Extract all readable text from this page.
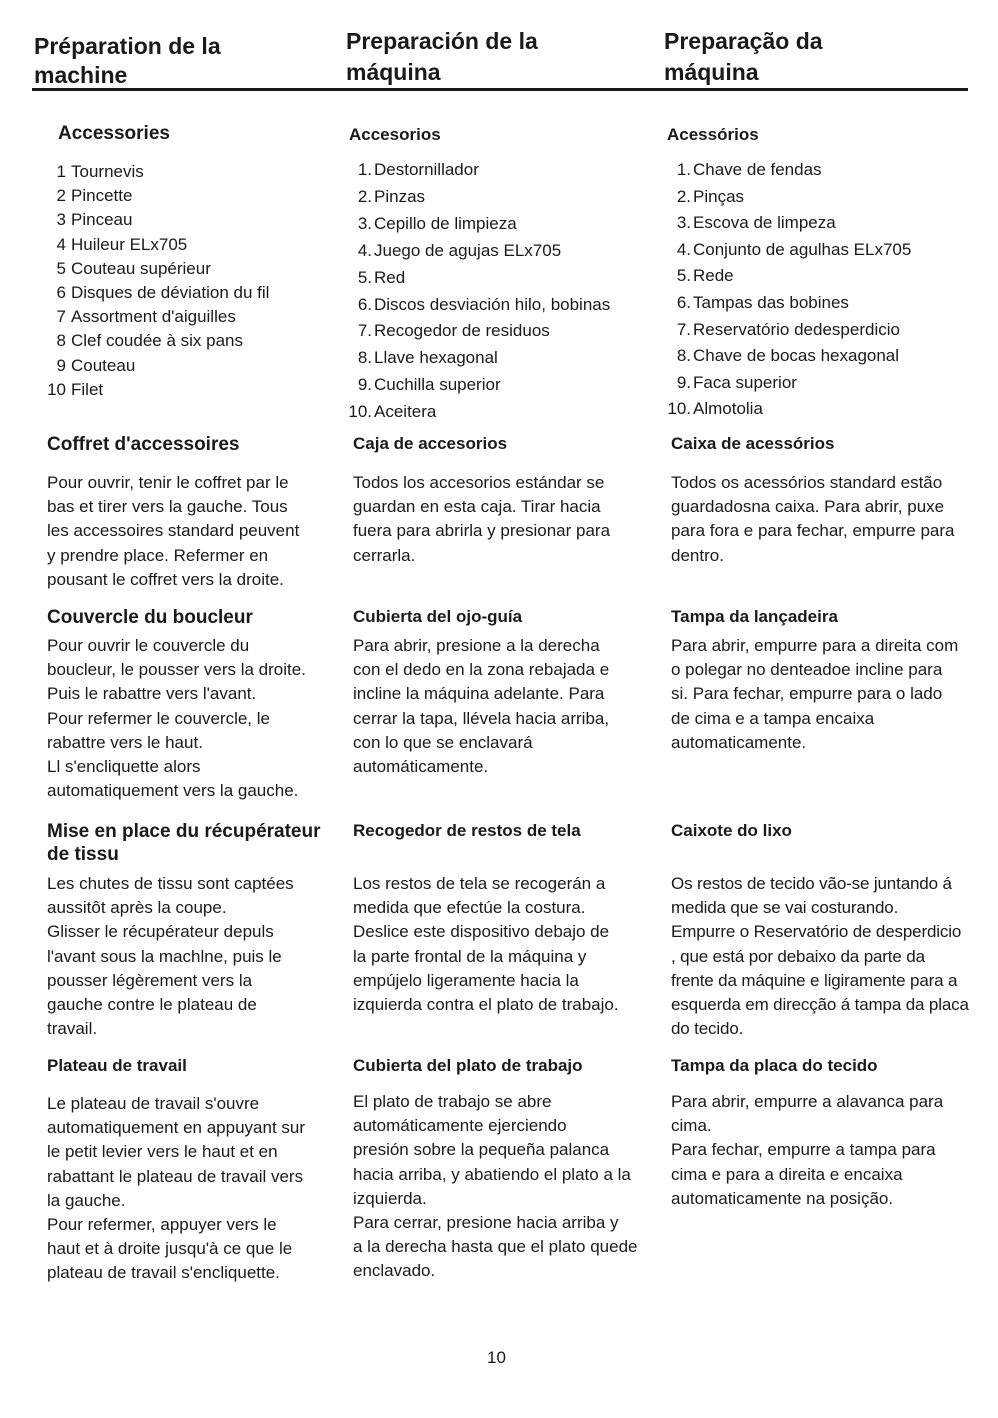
Préparation de la
machine
Preparación de la
máquina
Preparação da
máquina
Accessories
1 Tournevis
2 Pincette
3 Pinceau
4 Huileur ELx705
5 Couteau supérieur
6 Disques de déviation du fil
7 Assortment d'aiguilles
8 Clef coudée à six pans
9 Couteau
10 Filet
Coffret d'accessoires
Pour ouvrir, tenir le coffret par le
bas et tirer vers la gauche. Tous
les accessoires standard peuvent
y prendre place. Refermer en
pousant le coffret vers la droite.
Couvercle du boucleur
Pour ouvrir le couvercle du
boucleur, le pousser vers la droite.
Puis le rabattre vers l'avant.
Pour refermer le couvercle, le
rabattre vers le haut.
Ll s'encliquette alors
automatiquement vers la gauche.
Mise en place du récupérateur
de tissu
Les chutes de tissu sont captées
aussitôt après la coupe.
Glisser le récupérateur depuls
l'avant sous la machlne, puis le
pousser légèrement vers la
gauche contre le plateau de
travail.
Plateau de travail
Le plateau de travail s'ouvre
automatiquement en appuyant sur
le petit levier vers le haut et en
rabattant le plateau de travail vers
la gauche.
Pour refermer, appuyer vers le
haut et à droite jusqu'à ce que le
plateau de travail s'encliquette.
Accesorios
1. Destornillador
2. Pinzas
3. Cepillo de limpieza
4. Juego de agujas ELx705
5. Red
6. Discos desviación hilo, bobinas
7. Recogedor de residuos
8. Llave hexagonal
9. Cuchilla superior
10. Aceitera
Caja de accesorios
Todos los accesorios estándar se
guardan en esta caja. Tirar hacia
fuera para abrirla y presionar para
cerrarla.
Cubierta del ojo-guía
Para abrir, presione a la derecha
con el dedo en la zona rebajada e
incline la máquina adelante. Para
cerrar la tapa, llévela hacia arriba,
con lo que se enclavará
automáticamente.
Recogedor de restos de tela
Los restos de tela se recogerán a
medida que efectúe la costura.
Deslice este dispositivo debajo de
la parte frontal de la máquina y
empújelo ligeramente hacia la
izquierda contra el plato de trabajo.
Cubierta del plato de trabajo
El plato de trabajo se abre
automáticamente ejerciendo
presión sobre la pequeña palanca
hacia arriba, y abatiendo el plato a la
izquierda.
Para cerrar, presione hacia arriba y
a la derecha hasta que el plato quede
enclavado.
Acessórios
1. Chave de fendas
2. Pinças
3. Escova de limpeza
4. Conjunto de agulhas ELx705
5. Rede
6. Tampas das bobines
7. Reservatório dedesperdicio
8. Chave de bocas hexagonal
9. Faca superior
10. Almotolia
Caixa de acessórios
Todos os acessórios standard estão
guardadosna caixa. Para abrir, puxe
para fora e para fechar, empurre para
dentro.
Tampa da lançadeira
Para abrir, empurre para a direita com
o polegar no denteadoe incline para
si. Para fechar, empurre para o lado
de cima e a tampa encaixa
automaticamente.
Caixote do lixo
Os restos de tecido vão-se juntando á
medida que se vai costurando.
Empurre o Reservatório de desperdicio
, que está por debaixo da parte da
frente da máquine e ligiramente para a
esquerda em direcção á tampa da placa
do tecido.
Tampa da placa do tecido
Para abrir, empurre a alavanca para
cima.
Para fechar, empurre a tampa para
cima e para a direita e encaixa
automaticamente na posição.
10
